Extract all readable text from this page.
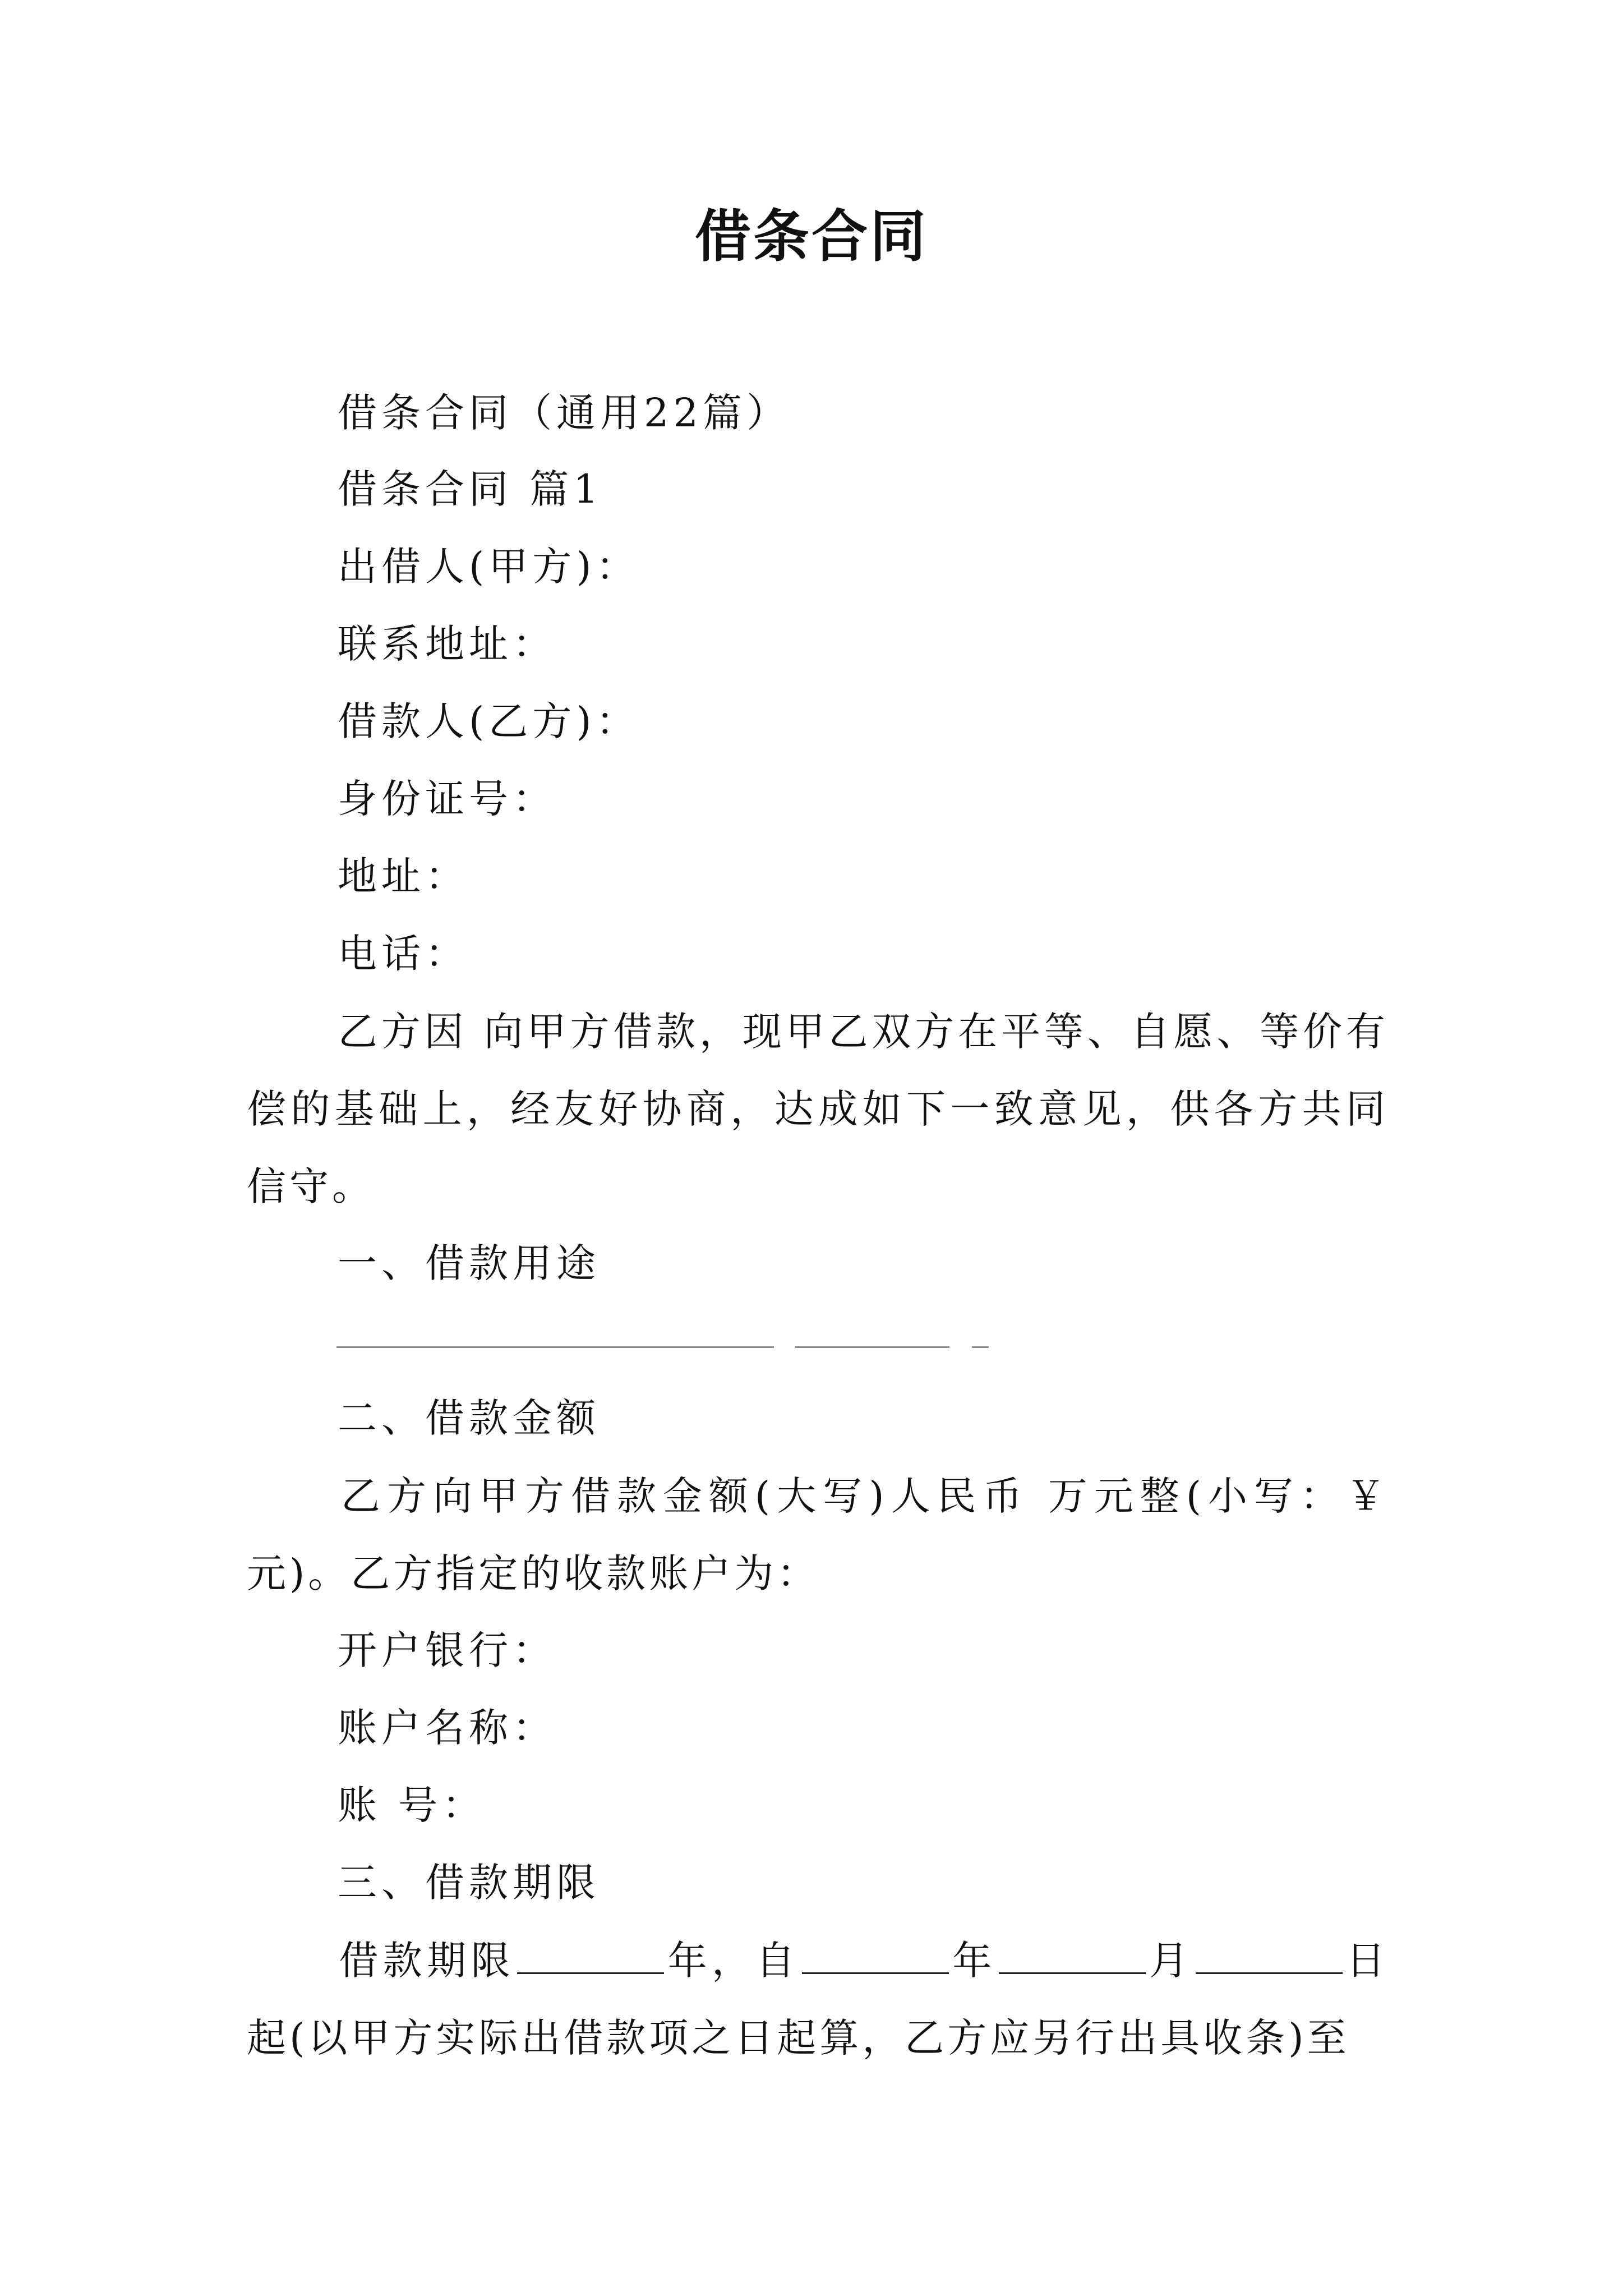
借条合同
借条合同（通用22篇）
借条合同 篇1
出借人(甲方)：
联系地址：
借款人(乙方)：
身份证号：
地址：
电话：
乙方因 向甲方借款，现甲乙双方在平等、自愿、等价有偿的基础上，经友好协商，达成如下一致意见，供各方共同信守。
一、借款用途
二、借款金额
乙方向甲方借款金额(大写)人民币 万元整(小写：￥ 元)。乙方指定的收款账户为：
开户银行：
账户名称：
账 号：
三、借款期限
借款期限	年，自	年	月	日起(以甲方实际出借款项之日起算，乙方应另行出具收条)至
